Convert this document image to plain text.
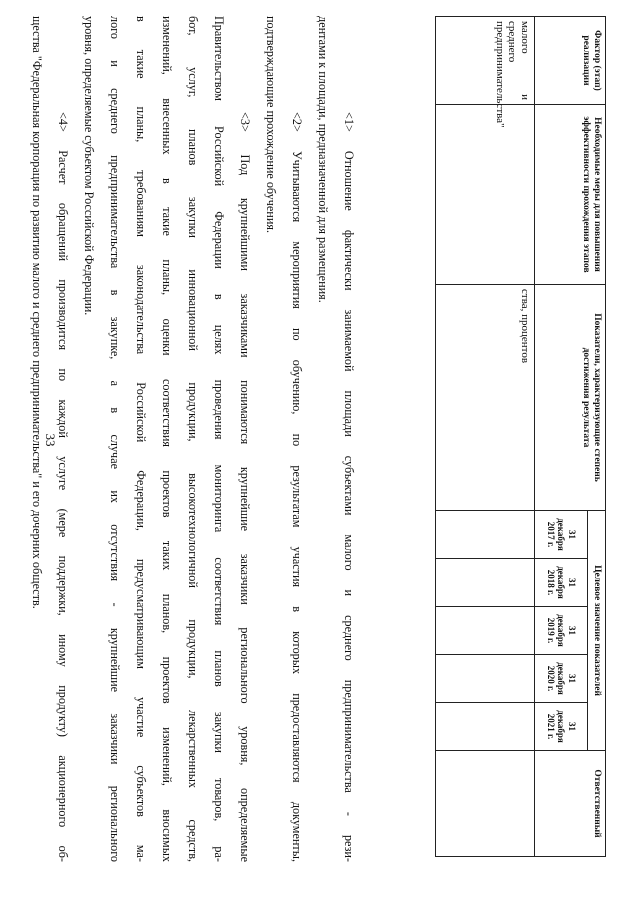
33
Фактор (этап) реализации	Необходимые меры для повышения эффективности прохождения этапов	Показатели, характеризующие степень достижения результата	Целевое значение показателей					Ответственный
			31 декабря 2017 г.	31 декабря 2018 г.	31 декабря 2019 г.	31 декабря 2020 г.	31 декабря 2021 г.	

малого и среднего предпринимательства"		ства, процентов						

<1> Отношение фактически занимаемой площади субъектами малого и среднего предпринимательства - рези-

дентами к площади, предназначенной для размещения.

<2> Учитываются мероприятия по обучению, по результатам участия в которых предоставляются документы,

подтверждающие прохождение обучения.

<3> Под крупнейшими заказчиками понимаются крупнейшие заказчики регионального уровня, определяемые

Правительством Российской Федерации в целях проведения мониторинга соответствия планов закупки товаров, ра-

бот, услуг, планов закупки инновационной продукции, высокотехнологичной продукции, лекарственных средств,

изменений, внесенных в такие планы, оценки соответствия проектов таких планов, проектов изменений, вносимых

в такие планы, требованиям законодательства Российской Федерации, предусматривающим участие субъектов ма-

лого и среднего предпринимательства в закупке, а в случае их отсутствия - крупнейшие заказчики регионального

уровня, определяемые субъектом Российской Федерации.

<4> Расчет обращений производится по каждой услуге (мере поддержки, иному продукту) акционерного об-

щества "Федеральная корпорация по развитию малого и среднего предпринимательства" и его дочерних обществ.
